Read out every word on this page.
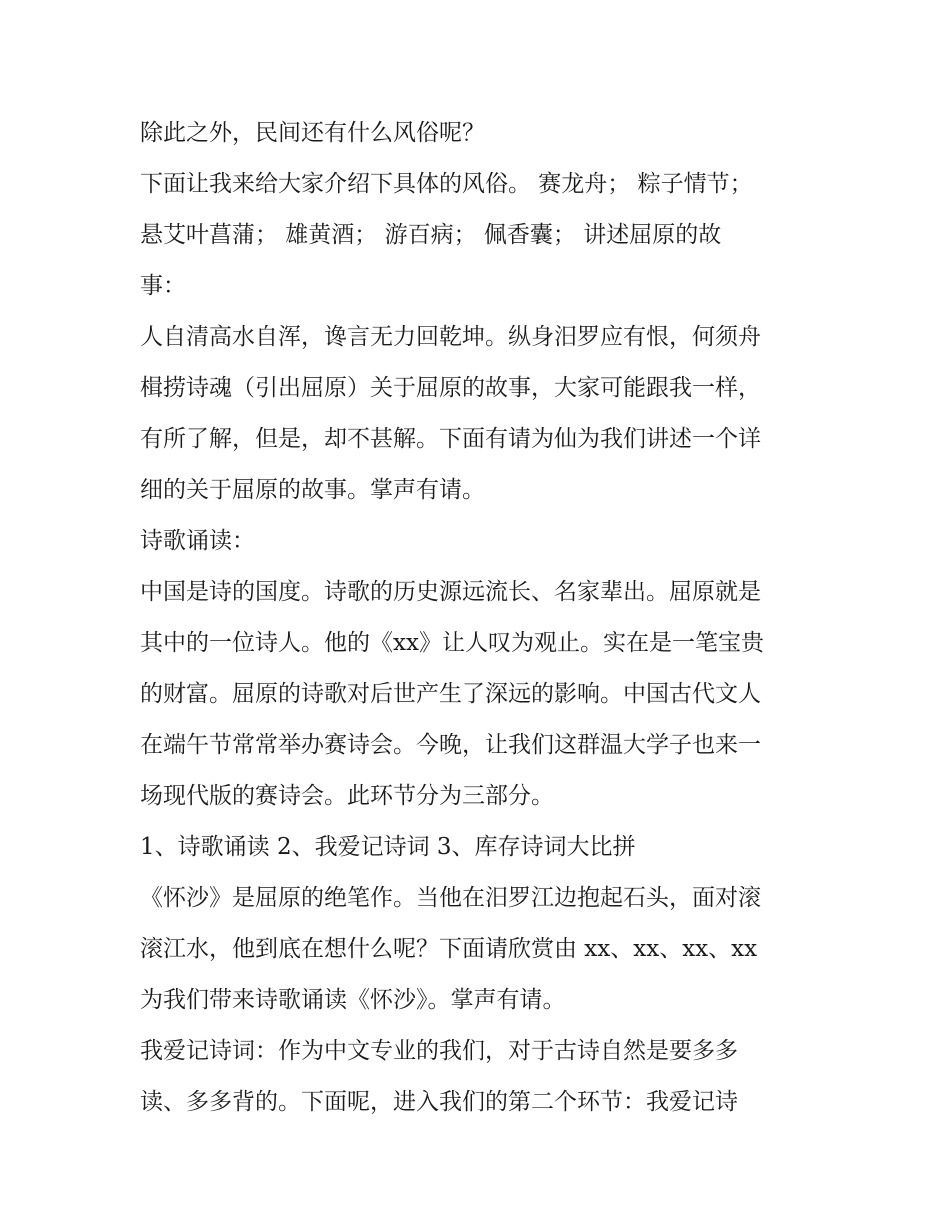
除此之外，民间还有什么风俗呢？
下面让我来给大家介绍下具体的风俗。 赛龙舟； 粽子情节；
悬艾叶菖蒲； 雄黄酒； 游百病； 佩香囊； 讲述屈原的故
事：
人自清高水自浑，谗言无力回乾坤。纵身汨罗应有恨，何须舟
楫捞诗魂（引出屈原）关于屈原的故事，大家可能跟我一样，
有所了解，但是，却不甚解。下面有请为仙为我们讲述一个详
细的关于屈原的故事。掌声有请。
诗歌诵读：
中国是诗的国度。诗歌的历史源远流长、名家辈出。屈原就是
其中的一位诗人。他的《xx》让人叹为观止。实在是一笔宝贵
的财富。屈原的诗歌对后世产生了深远的影响。中国古代文人
在端午节常常举办赛诗会。今晚，让我们这群温大学子也来一
场现代版的赛诗会。此环节分为三部分。
1、诗歌诵读 2、我爱记诗词 3、库存诗词大比拼
《怀沙》是屈原的绝笔作。当他在汨罗江边抱起石头，面对滚
滚江水，他到底在想什么呢？下面请欣赏由 xx、xx、xx、xx
为我们带来诗歌诵读《怀沙》。掌声有请。
我爱记诗词：作为中文专业的我们，对于古诗自然是要多多
读、多多背的。下面呢，进入我们的第二个环节：我爱记诗
